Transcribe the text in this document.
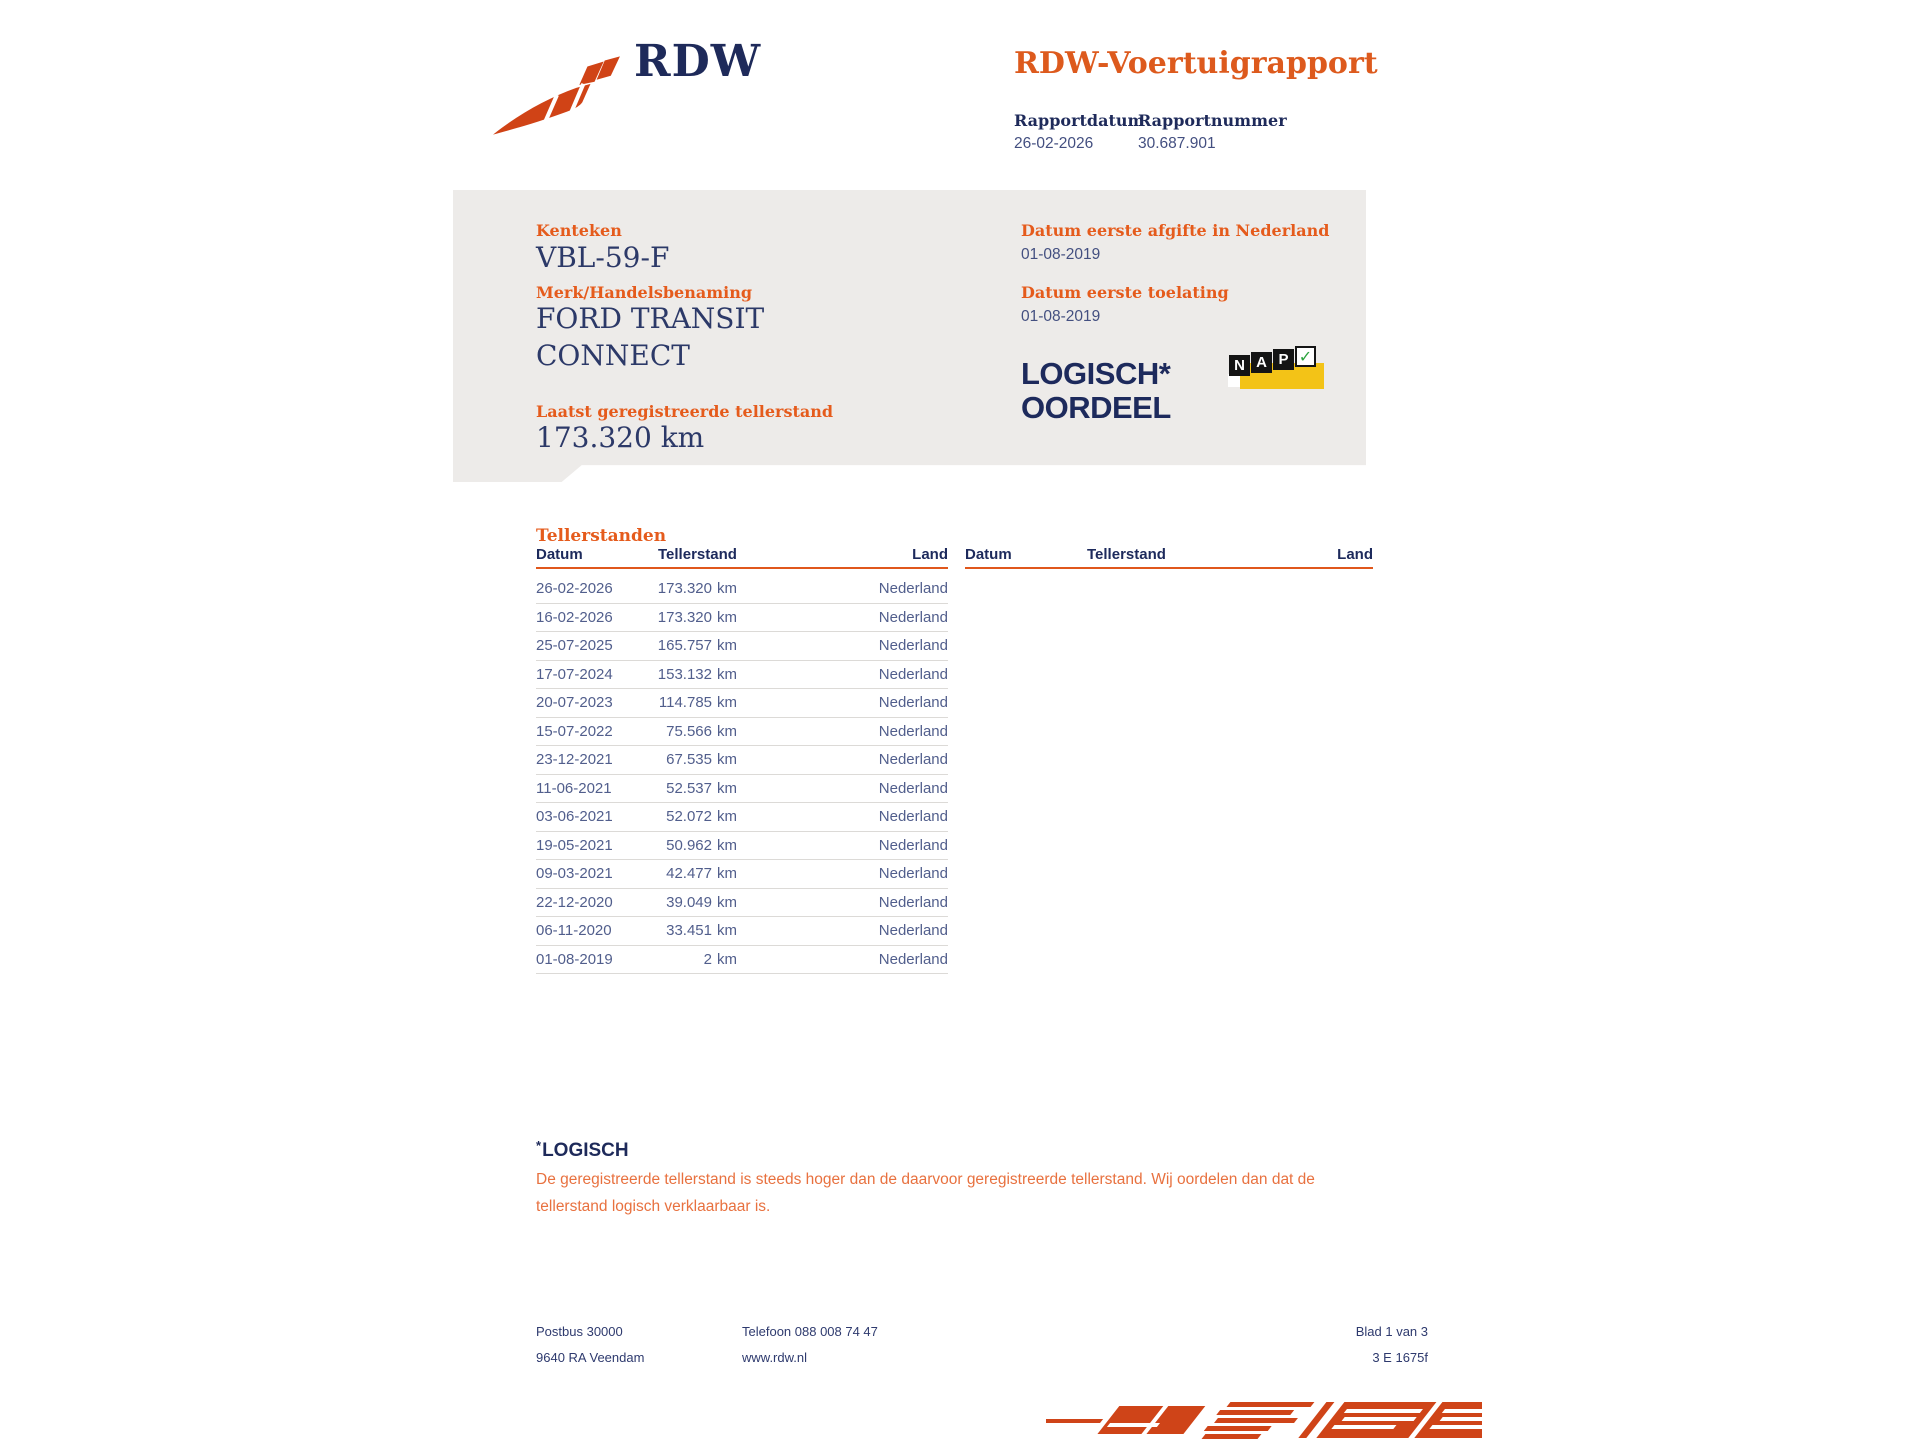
RDW	RDW-Voertuigrapport
Rapportdatum
Rapportnummer
26-02-2026	30.687.901
Kenteken
VBL-59-F
Merk/Handelsbenaming
FORD TRANSIT
CONNECT
Laatst geregistreerde tellerstand
173.320 km
Datum eerste afgifte in Nederland
01-08-2019
Datum eerste toelating
01-08-2019
LOGISCH*
OORDEEL
N A P ✓
Tellerstanden
Datum	Tellerstand	Land
26-02-2026	173.320 km	Nederland
16-02-2026	173.320 km	Nederland
25-07-2025	165.757 km	Nederland
17-07-2024	153.132 km	Nederland
20-07-2023	114.785 km	Nederland
15-07-2022	75.566 km	Nederland
23-12-2021	67.535 km	Nederland
11-06-2021	52.537 km	Nederland
03-06-2021	52.072 km	Nederland
19-05-2021	50.962 km	Nederland
09-03-2021	42.477 km	Nederland
22-12-2020	39.049 km	Nederland
06-11-2020	33.451 km	Nederland
01-08-2019	2 km	Nederland
Datum	Tellerstand	Land
*LOGISCH
De geregistreerde tellerstand is steeds hoger dan de daarvoor geregistreerde tellerstand. Wij oordelen dan dat de tellerstand logisch verklaarbaar is.
Postbus 30000
9640 RA Veendam
Telefoon 088 008 74 47
www.rdw.nl
Blad 1 van 3
3 E 1675f
